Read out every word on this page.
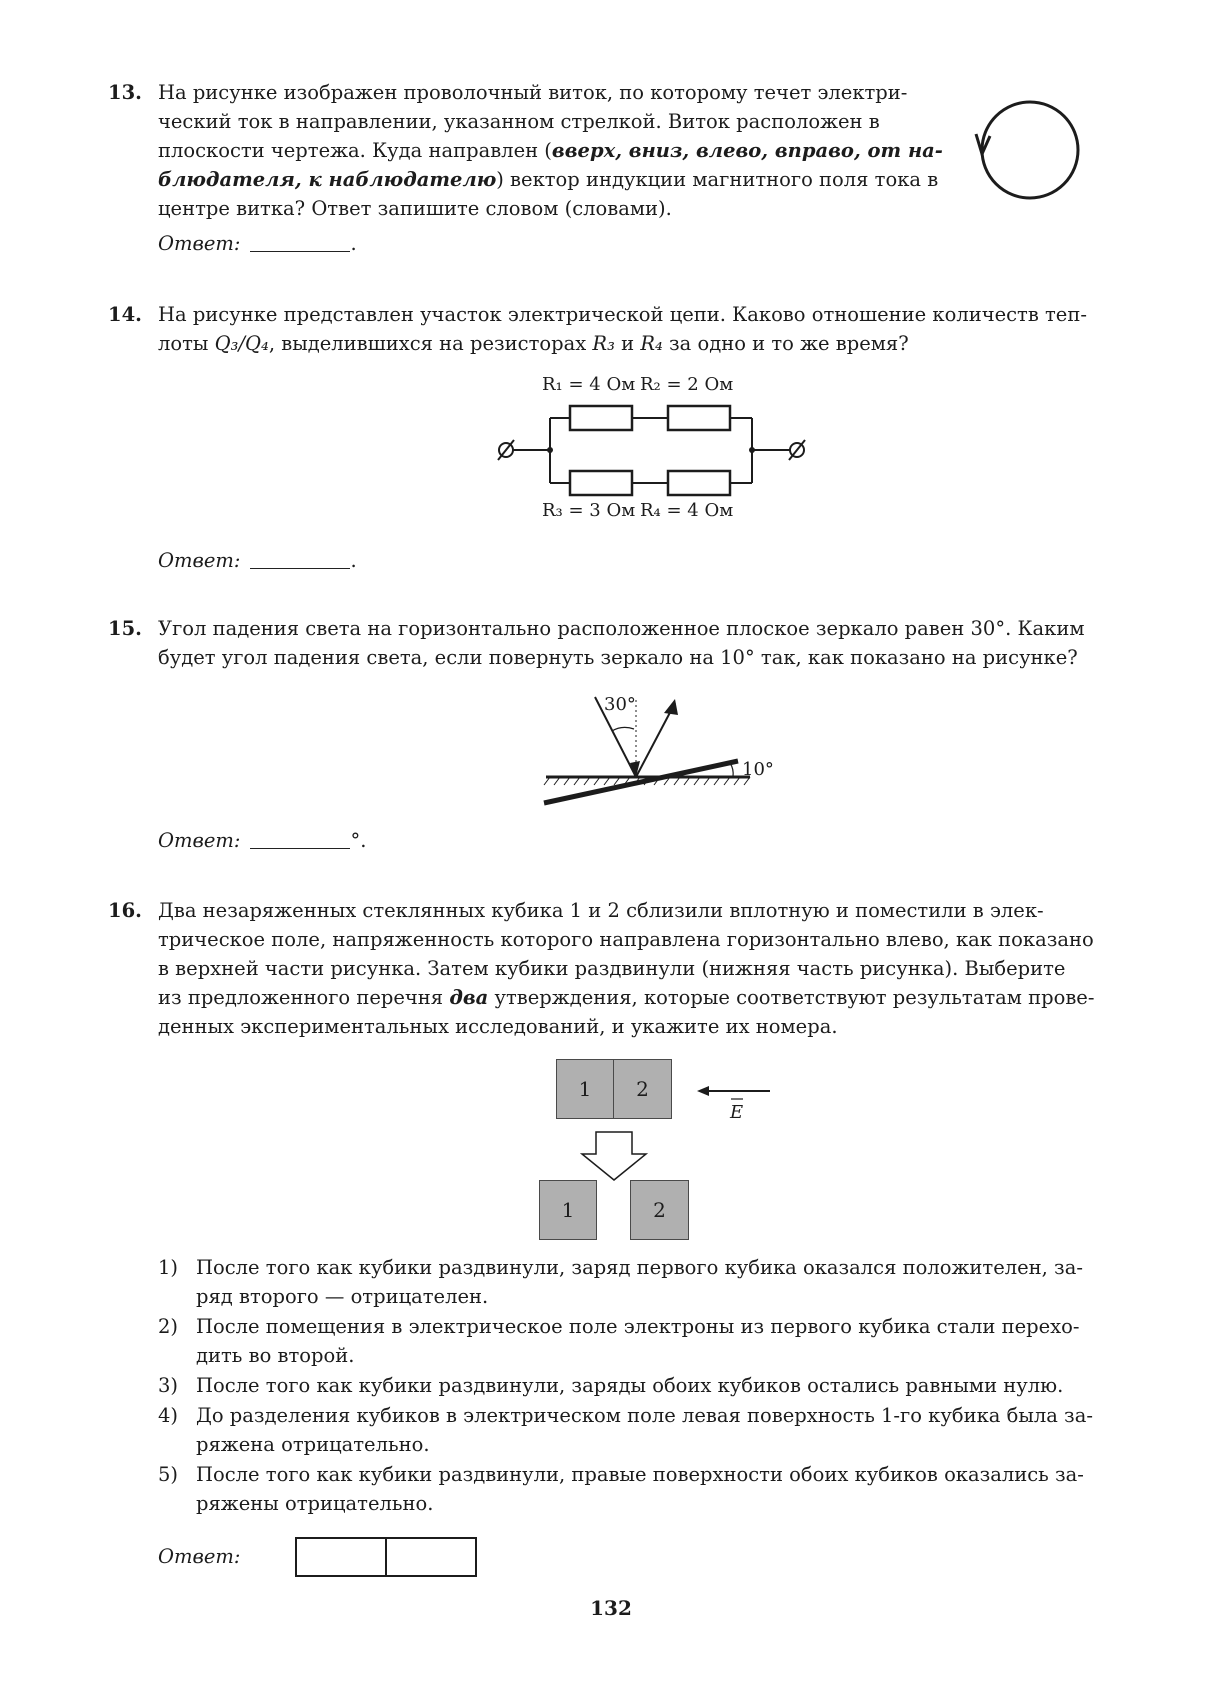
13. На рисунке изображен проволочный виток, по которому течет электри-
ческий ток в направлении, указанном стрелкой. Виток расположен в
плоскости чертежа. Куда направлен (вверх, вниз, влево, вправо, от на-
блюдателя, к наблюдателю) вектор индукции магнитного поля тока в
центре витка? Ответ запишите словом (словами).
Ответ:	.
14. На рисунке представлен участок электрической цепи. Каково отношение количеств теп-
лоты Q₃/Q₄, выделившихся на резисторах R₃ и R₄ за одно и то же время?
R₁ = 4 Ом R₂ = 2 Ом
R₃ = 3 Ом R₄ = 4 Ом
Ответ:	.
15. Угол падения света на горизонтально расположенное плоское зеркало равен 30°. Каким
будет угол падения света, если повернуть зеркало на 10° так, как показано на рисунке?
30°
10°
Ответ:	°.
16. Два незаряженных стеклянных кубика 1 и 2 сблизили вплотную и поместили в элек-
трическое поле, напряженность которого направлена горизонтально влево, как показано
в верхней части рисунка. Затем кубики раздвинули (нижняя часть рисунка). Выберите
из предложенного перечня два утверждения, которые соответствуют результатам прове-
денных экспериментальных исследований, и укажите их номера.
1	2
E
1	2
1) После того как кубики раздвинули, заряд первого кубика оказался положителен, за-
ряд второго — отрицателен.
2) После помещения в электрическое поле электроны из первого кубика стали перехо-
дить во второй.
3) После того как кубики раздвинули, заряды обоих кубиков остались равными нулю.
4) До разделения кубиков в электрическом поле левая поверхность 1-го кубика была за-
ряжена отрицательно.
5) После того как кубики раздвинули, правые поверхности обоих кубиков оказались за-
ряжены отрицательно.
Ответ:
132
